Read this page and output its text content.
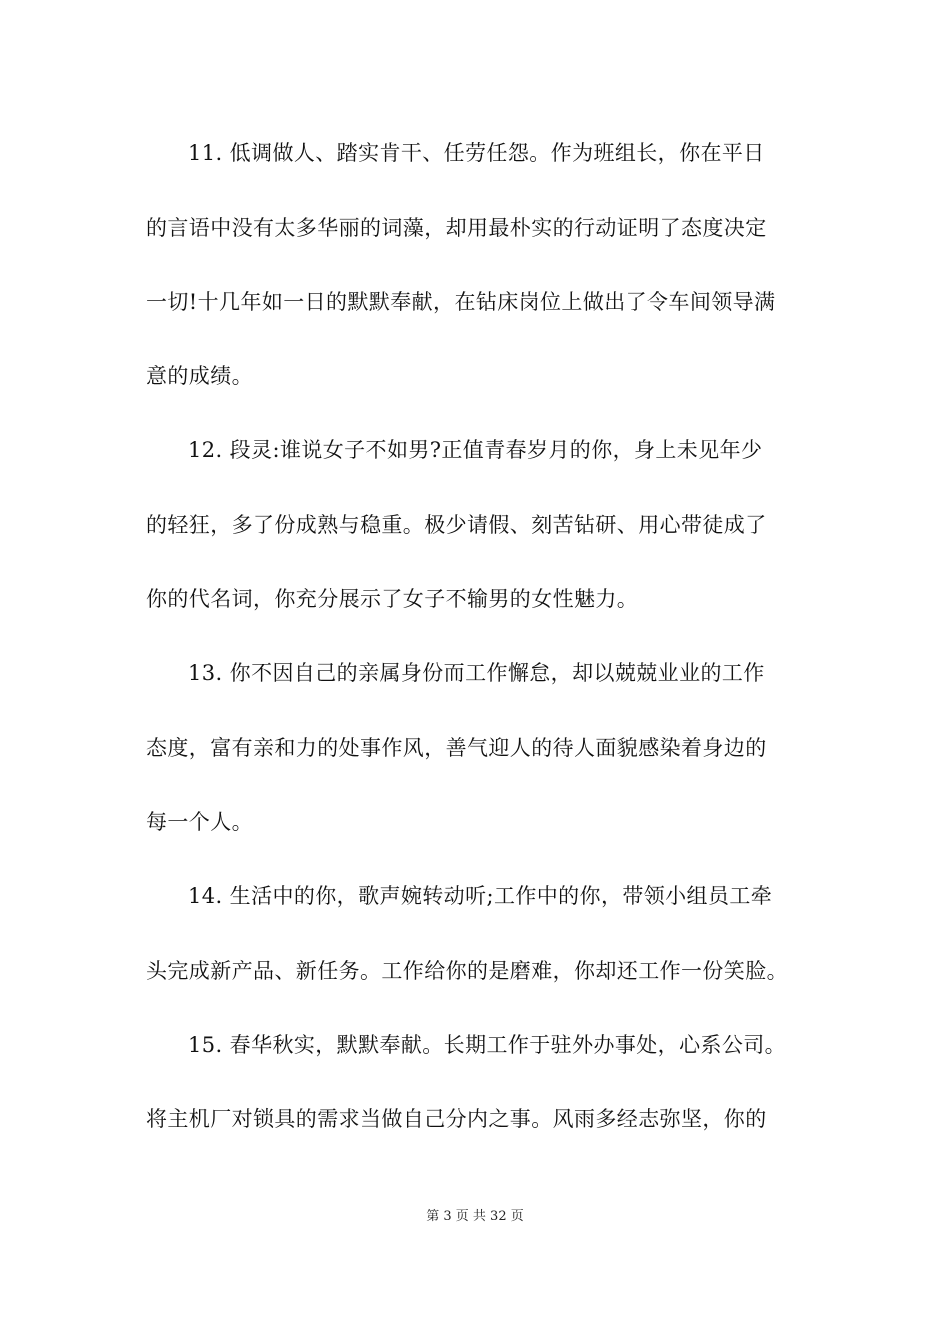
11. 低调做人、踏实肯干、任劳任怨。作为班组长，你在平日
的言语中没有太多华丽的词藻，却用最朴实的行动证明了态度决定
一切!十几年如一日的默默奉献，在钻床岗位上做出了令车间领导满
意的成绩。
12. 段灵:谁说女子不如男?正值青春岁月的你，身上未见年少
的轻狂，多了份成熟与稳重。极少请假、刻苦钻研、用心带徒成了
你的代名词，你充分展示了女子不输男的女性魅力。
13. 你不因自己的亲属身份而工作懈怠，却以兢兢业业的工作
态度，富有亲和力的处事作风，善气迎人的待人面貌感染着身边的
每一个人。
14. 生活中的你，歌声婉转动听;工作中的你，带领小组员工牵
头完成新产品、新任务。工作给你的是磨难，你却还工作一份笑脸。
15. 春华秋实，默默奉献。长期工作于驻外办事处，心系公司。
将主机厂对锁具的需求当做自己分内之事。风雨多经志弥坚，你的
第 3 页 共 32 页
